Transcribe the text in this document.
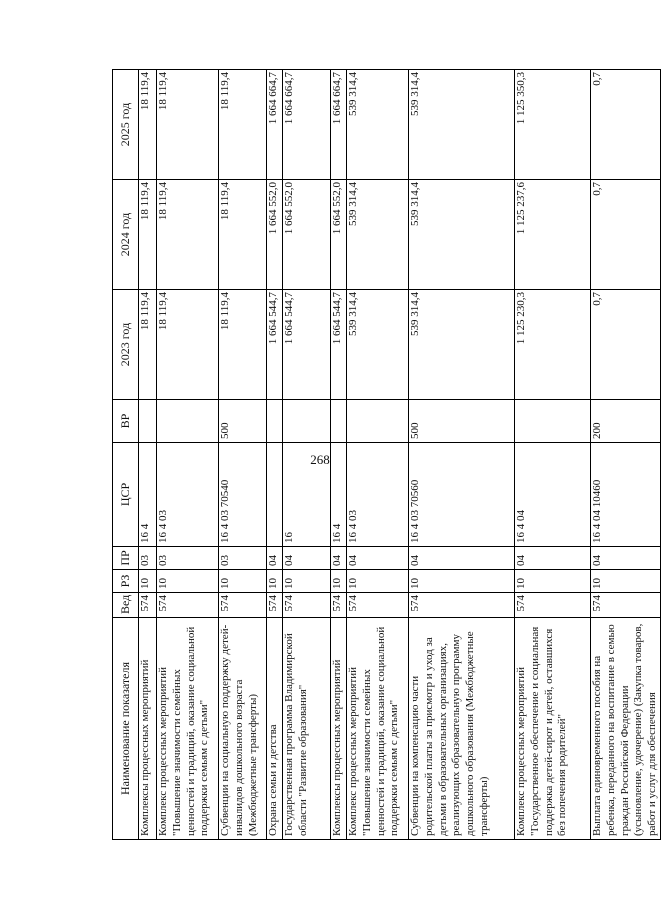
268
Наименование показателя	Вед	РЗ	ПР	ЦСР	ВР	2023 год	2024 год	2025 год
Комплексы процессных мероприятий	574	10	03	16 4		18 119,4	18 119,4	18 119,4
Комплекс процессных мероприятий "Повышение значимости семейных ценностей и традиций, оказание социальной поддержки семьям с детьми"	574	10	03	16 4 03		18 119,4	18 119,4	18 119,4
Субвенции на социальную поддержку детей-инвалидов дошкольного возраста (Межбюджетные трансферты)	574	10	03	16 4 03 70540	500	18 119,4	18 119,4	18 119,4
Охрана семьи и детства	574	10	04			1 664 544,7	1 664 552,0	1 664 664,7
Государственная программа Владимирской области "Развитие образования"	574	10	04	16		1 664 544,7	1 664 552,0	1 664 664,7
Комплексы процессных мероприятий	574	10	04	16 4		1 664 544,7	1 664 552,0	1 664 664,7
Комплекс процессных мероприятий "Повышение значимости семейных ценностей и традиций, оказание социальной поддержки семьям с детьми"	574	10	04	16 4 03		539 314,4	539 314,4	539 314,4
Субвенции на компенсацию части родительской платы за присмотр и уход за детьми в образовательных организациях, реализующих образовательную программу дошкольного образования (Межбюджетные трансферты)	574	10	04	16 4 03 70560	500	539 314,4	539 314,4	539 314,4
Комплекс процессных мероприятий "Государственное обеспечение и социальная поддержка детей-сирот и детей, оставшихся без попечения родителей"	574	10	04	16 4 04		1 125 230,3	1 125 237,6	1 125 350,3
Выплата единовременного пособия на ребенка, переданного на воспитание в семью граждан Российской Федерации (усыновление, удочерение) (Закупка товаров, работ и услуг для обеспечения	574	10	04	16 4 04 10460	200	0,7	0,7	0,7
